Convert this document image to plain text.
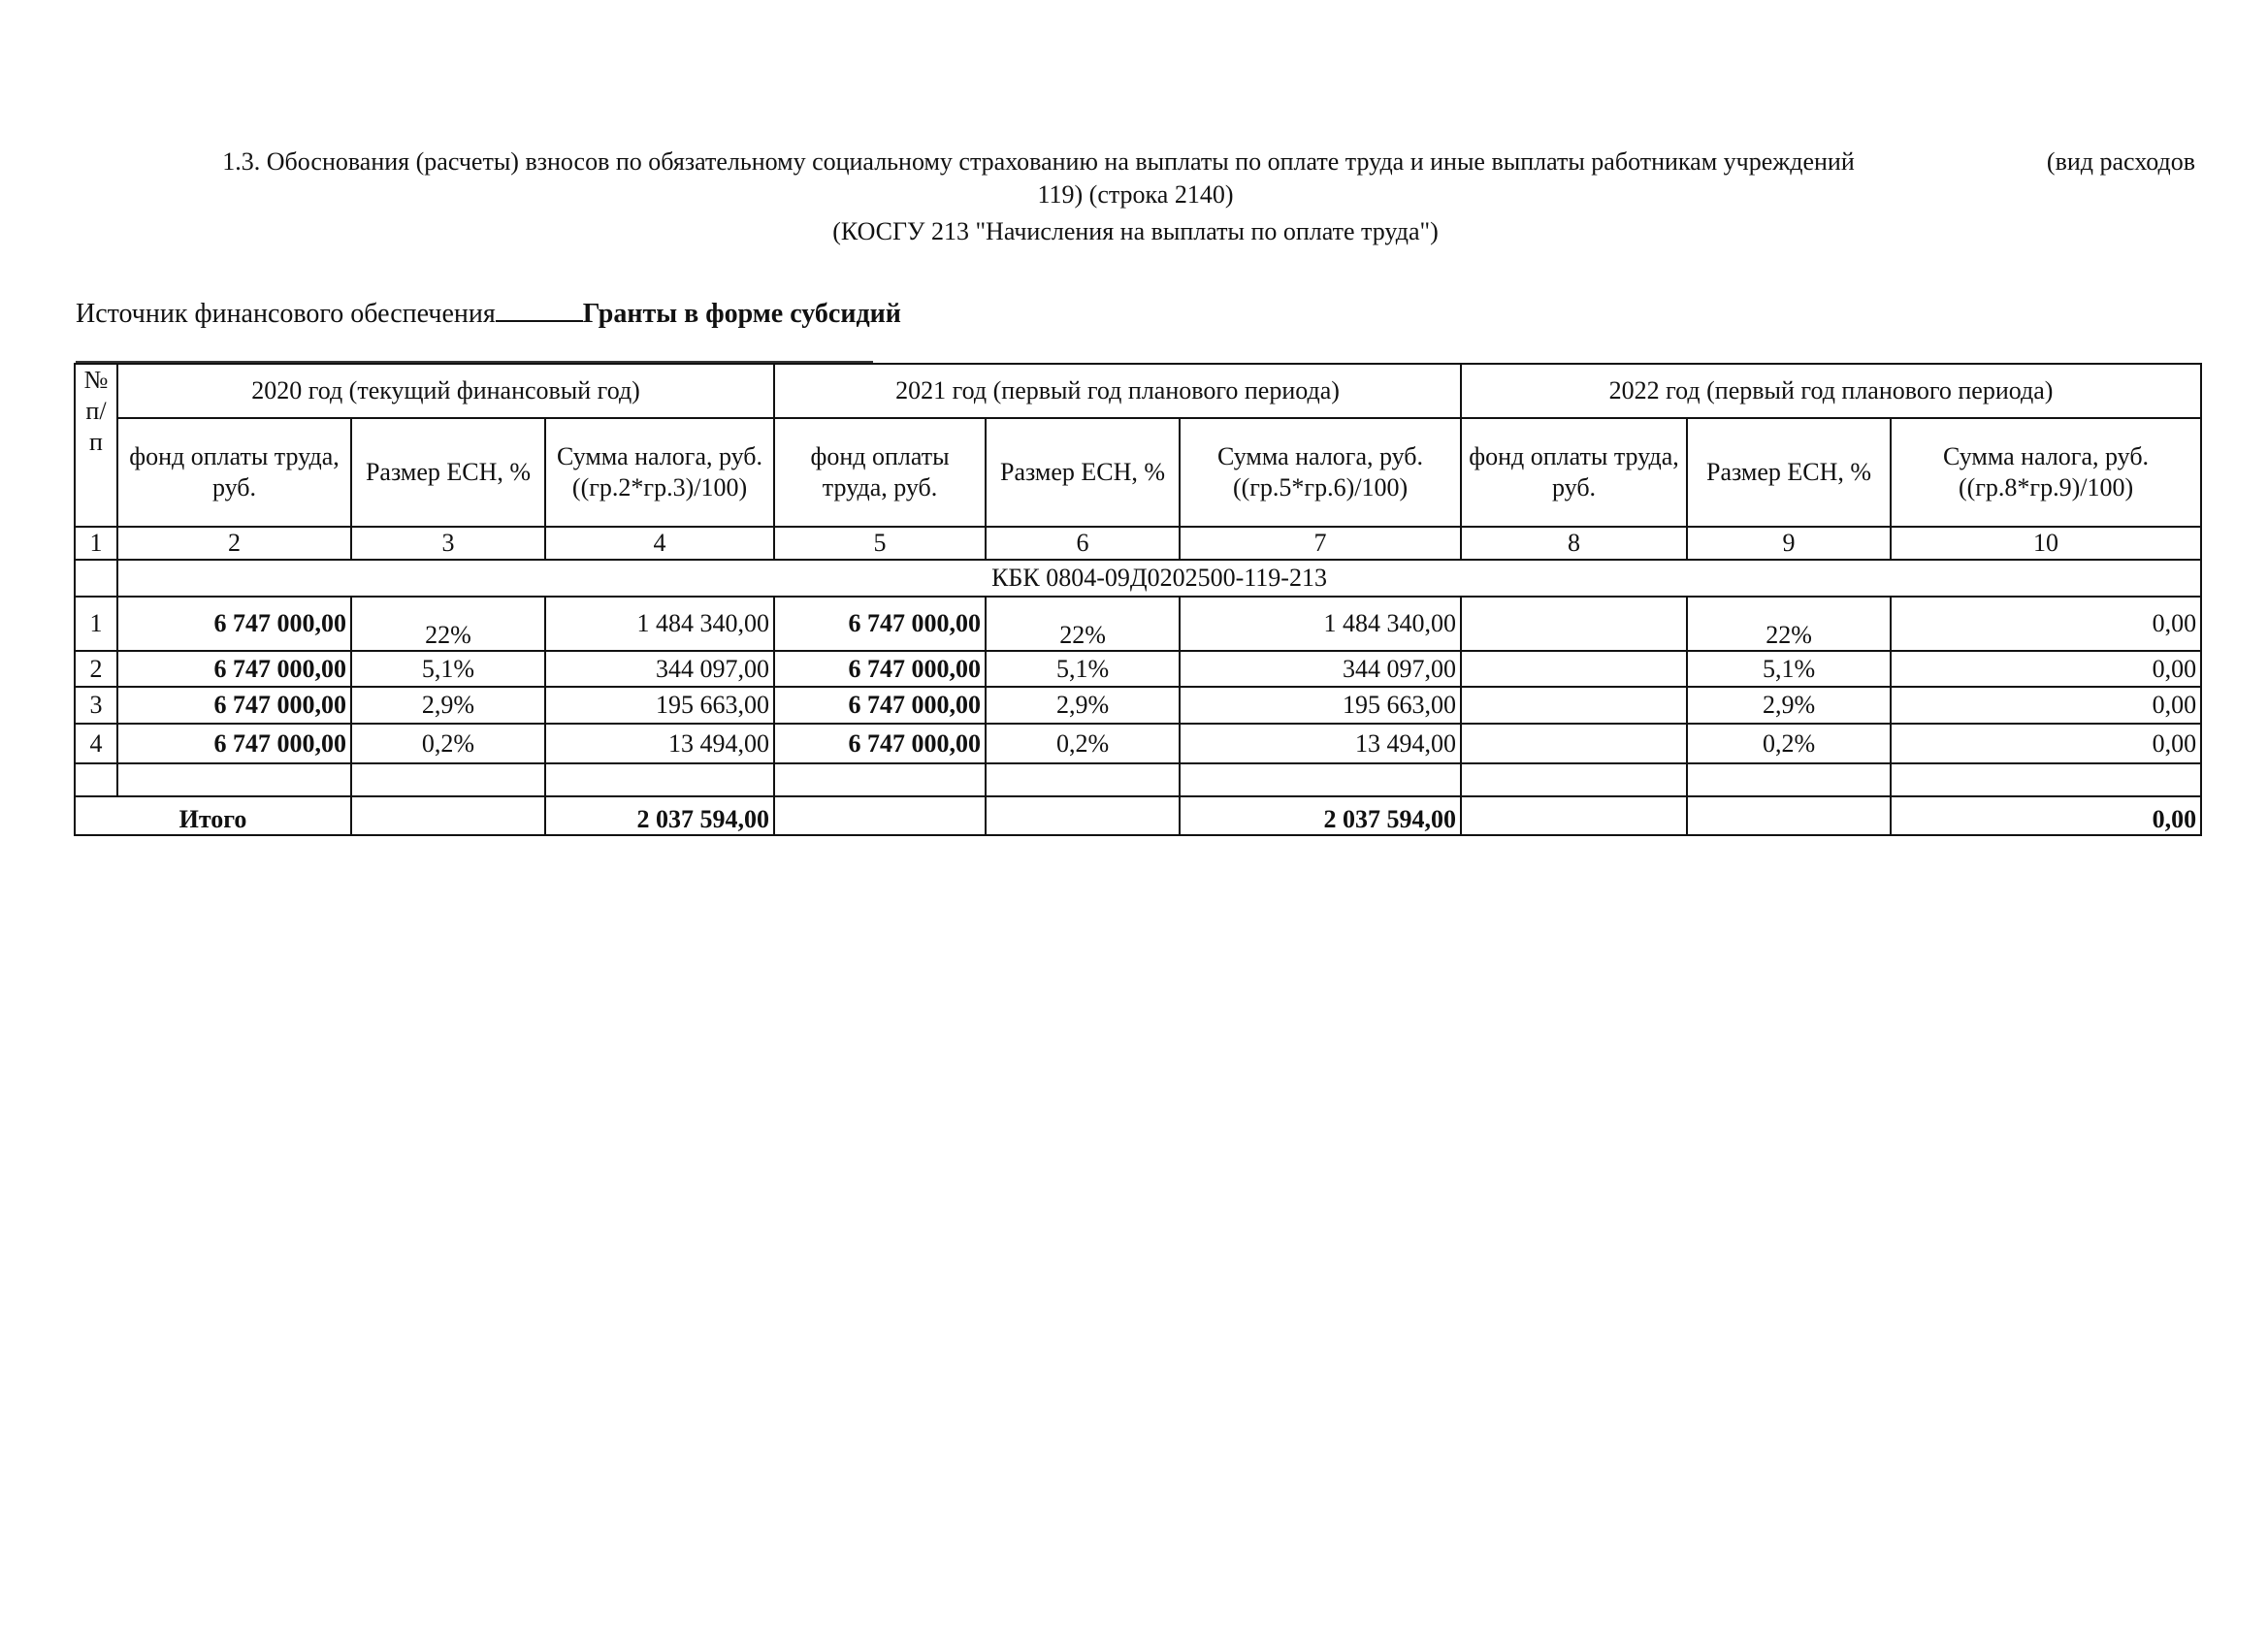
1.3. Обоснования (расчеты) взносов по обязательному социальному страхованию на выплаты по оплате труда и иные выплаты работникам учреждений	(вид расходов
119) (строка 2140)
(КОСГУ 213 "Начисления на выплаты по оплате труда")
Источник финансового обеспечения	Гранты в форме субсидий
№ п/п	2020 год (текущий финансовый год)			2021 год (первый год планового периода)			2022 год (первый год планового периода)		
	фонд оплаты труда, руб.	Размер ЕСН, %	Сумма налога, руб. ((гр.2*гр.3)/100)	фонд оплаты труда, руб.	Размер ЕСН, %	Сумма налога, руб. ((гр.5*гр.6)/100)	фонд оплаты труда, руб.	Размер ЕСН, %	Сумма налога, руб. ((гр.8*гр.9)/100)
1	2	3	4	5	6	7	8	9	10
	КБК 0804-09Д0202500-119-213								
1	6 747 000,00	22%	1 484 340,00	6 747 000,00	22%	1 484 340,00		22%	0,00
2	6 747 000,00	5,1%	344 097,00	6 747 000,00	5,1%	344 097,00		5,1%	0,00
3	6 747 000,00	2,9%	195 663,00	6 747 000,00	2,9%	195 663,00		2,9%	0,00
4	6 747 000,00	0,2%	13 494,00	6 747 000,00	0,2%	13 494,00		0,2%	0,00

Итого			2 037 594,00			2 037 594,00			0,00
